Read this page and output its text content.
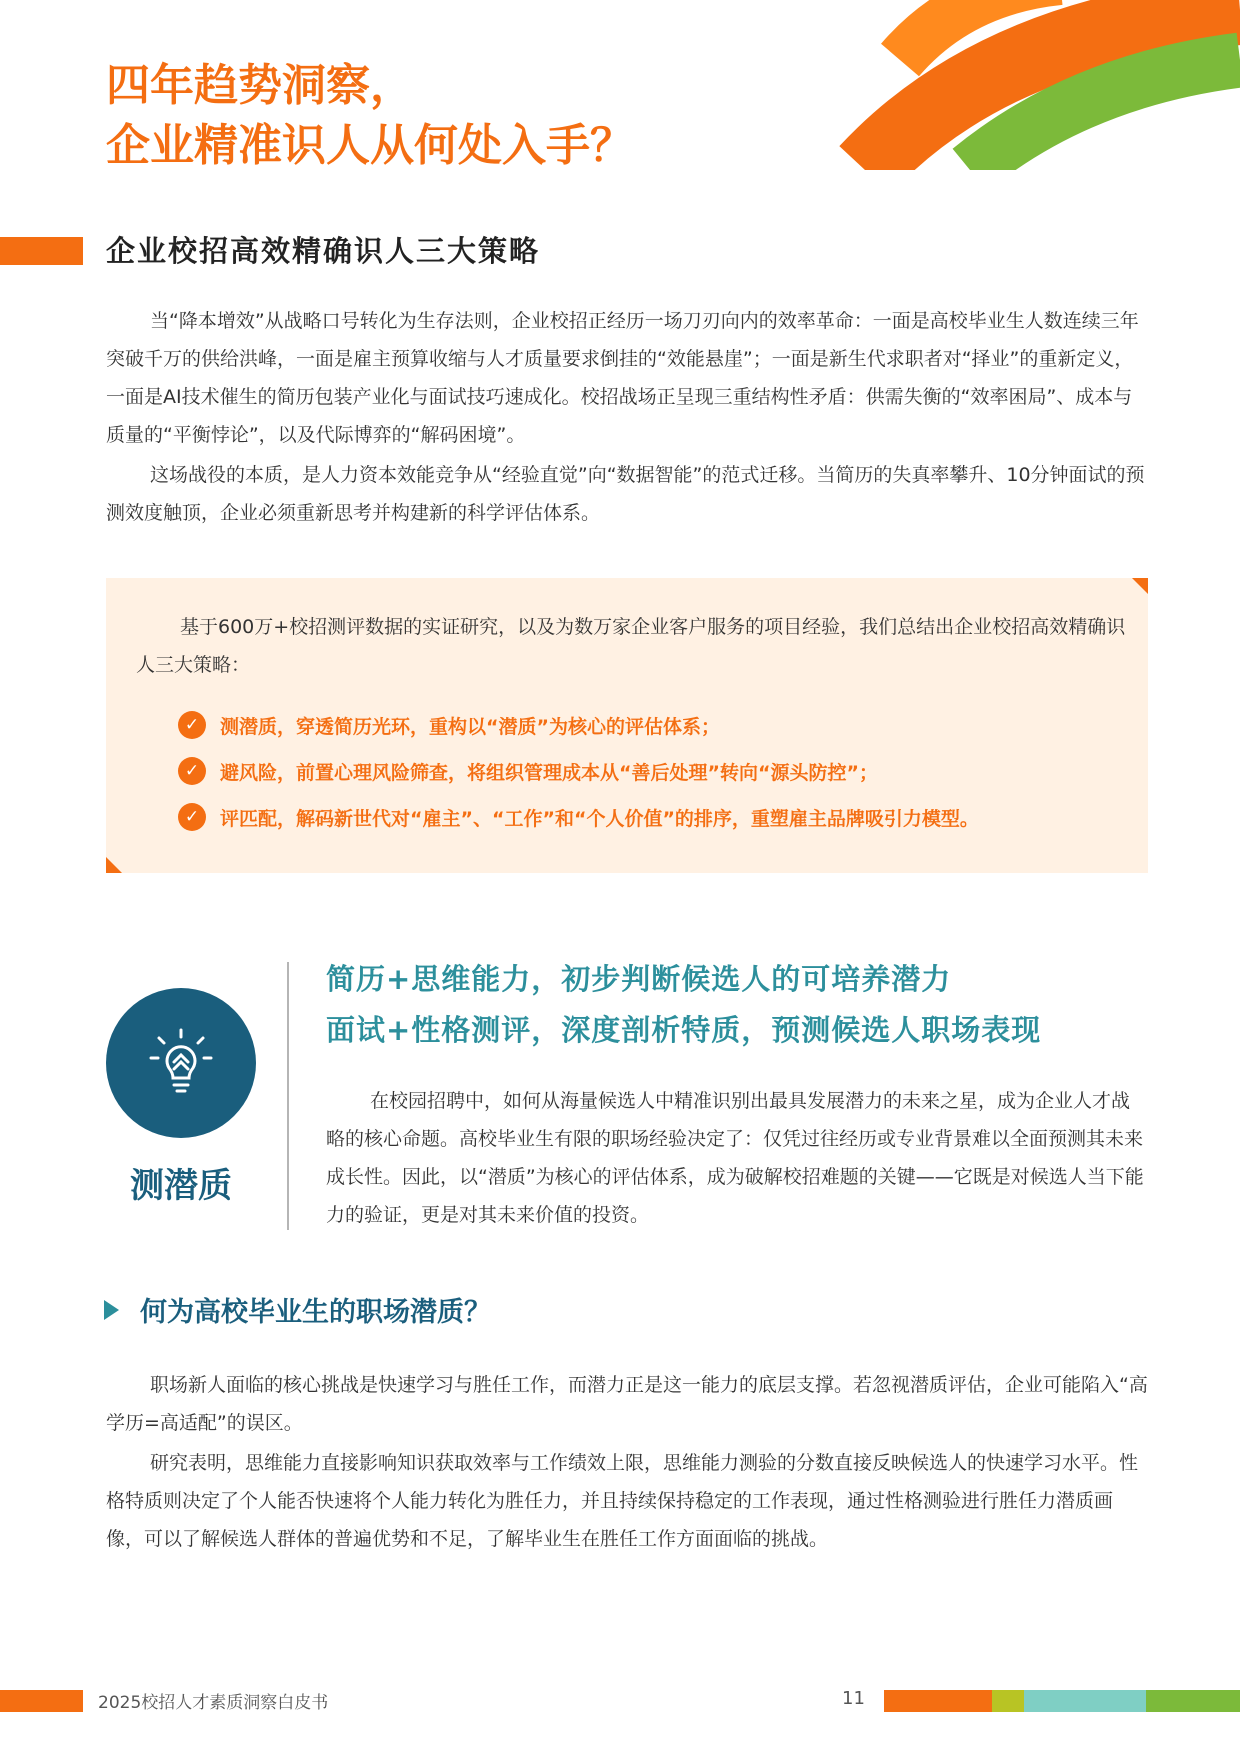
四年趋势洞察，
企业精准识人从何处入手？
企业校招高效精确识人三大策略

当“降本增效”从战略口号转化为生存法则，企业校招正经历一场刀刃向内的效率革命：一面是高校毕业生人数连续三年突破千万的供给洪峰，一面是雇主预算收缩与人才质量要求倒挂的“效能悬崖”；一面是新生代求职者对“择业”的重新定义，一面是AI技术催生的简历包装产业化与面试技巧速成化。校招战场正呈现三重结构性矛盾：供需失衡的“效率困局”、成本与质量的“平衡悖论”，以及代际博弈的“解码困境”。

这场战役的本质，是人力资本效能竞争从“经验直觉”向“数据智能”的范式迁移。当简历的失真率攀升、10分钟面试的预测效度触顶，企业必须重新思考并构建新的科学评估体系。

基于600万+校招测评数据的实证研究，以及为数万家企业客户服务的项目经验，我们总结出企业校招高效精确识人三大策略：

✓	测潜质，穿透简历光环，重构以“潜质”为核心的评估体系；
✓	避风险，前置心理风险筛查，将组织管理成本从“善后处理”转向“源头防控”；
✓	评匹配，解码新世代对“雇主”、“工作”和“个人价值”的排序，重塑雇主品牌吸引力模型。
测潜质
简历+思维能力，初步判断候选人的可培养潜力
面试+性格测评，深度剖析特质，预测候选人职场表现

在校园招聘中，如何从海量候选人中精准识别出最具发展潜力的未来之星，成为企业人才战略的核心命题。高校毕业生有限的职场经验决定了：仅凭过往经历或专业背景难以全面预测其未来成长性。因此，以“潜质”为核心的评估体系，成为破解校招难题的关键——它既是对候选人当下能力的验证，更是对其未来价值的投资。

何为高校毕业生的职场潜质？

职场新人面临的核心挑战是快速学习与胜任工作，而潜力正是这一能力的底层支撑。若忽视潜质评估，企业可能陷入“高学历=高适配”的误区。

研究表明，思维能力直接影响知识获取效率与工作绩效上限，思维能力测验的分数直接反映候选人的快速学习水平。性格特质则决定了个人能否快速将个人能力转化为胜任力，并且持续保持稳定的工作表现，通过性格测验进行胜任力潜质画像，可以了解候选人群体的普遍优势和不足，了解毕业生在胜任工作方面面临的挑战。

2025校招人才素质洞察白皮书	11
